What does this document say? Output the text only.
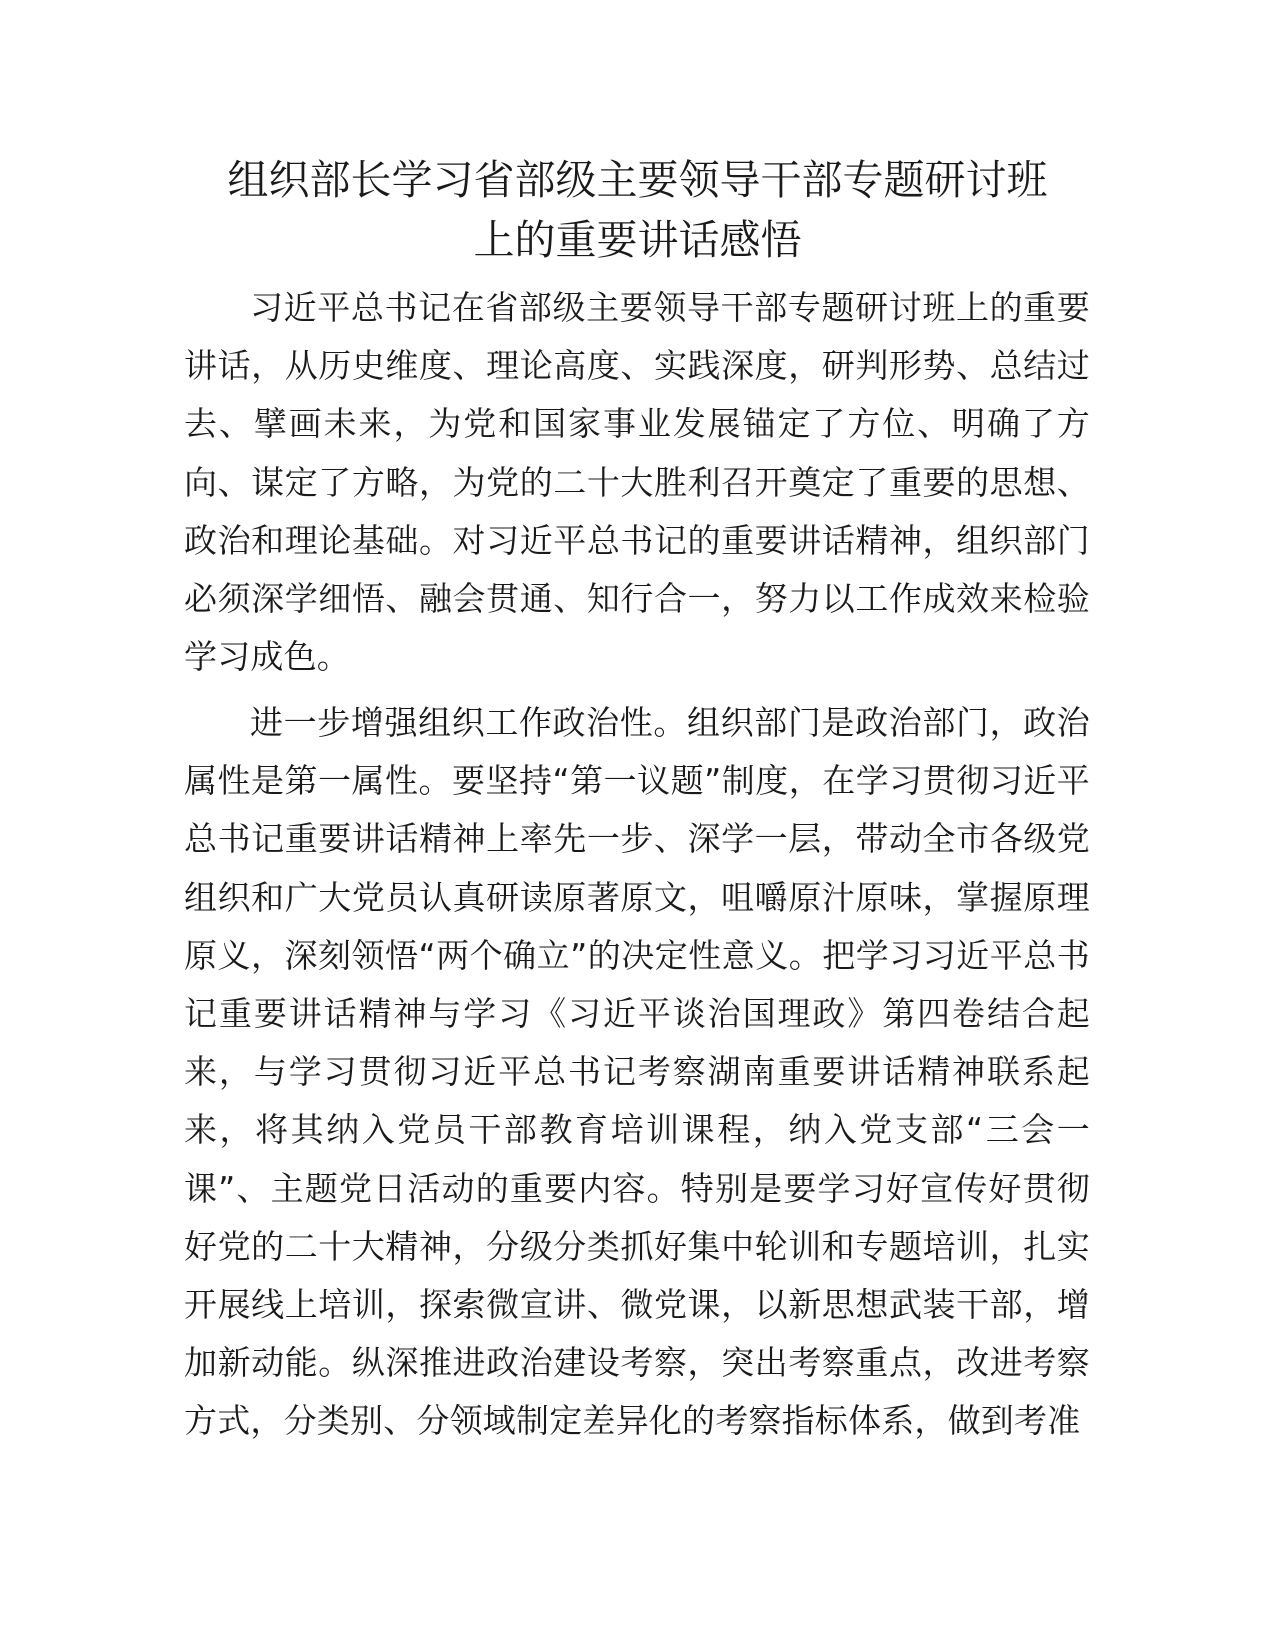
组织部长学习省部级主要领导干部专题研讨班
上的重要讲话感悟

习近平总书记在省部级主要领导干部专题研讨班上的重要讲话，从历史维度、理论高度、实践深度，研判形势、总结过去、擘画未来，为党和国家事业发展锚定了方位、明确了方向、谋定了方略，为党的二十大胜利召开奠定了重要的思想、政治和理论基础。对习近平总书记的重要讲话精神，组织部门必须深学细悟、融会贯通、知行合一，努力以工作成效来检验学习成色。

进一步增强组织工作政治性。组织部门是政治部门，政治属性是第一属性。要坚持“第一议题”制度，在学习贯彻习近平总书记重要讲话精神上率先一步、深学一层，带动全市各级党组织和广大党员认真研读原著原文，咀嚼原汁原味，掌握原理原义，深刻领悟“两个确立”的决定性意义。把学习习近平总书记重要讲话精神与学习《习近平谈治国理政》第四卷结合起来，与学习贯彻习近平总书记考察湖南重要讲话精神联系起来，将其纳入党员干部教育培训课程，纳入党支部“三会一课”、主题党日活动的重要内容。特别是要学习好宣传好贯彻好党的二十大精神，分级分类抓好集中轮训和专题培训，扎实开展线上培训，探索微宣讲、微党课，以新思想武装干部，增加新动能。纵深推进政治建设考察，突出考察重点，改进考察方式，分类别、分领域制定差异化的考察指标体系，做到考准
